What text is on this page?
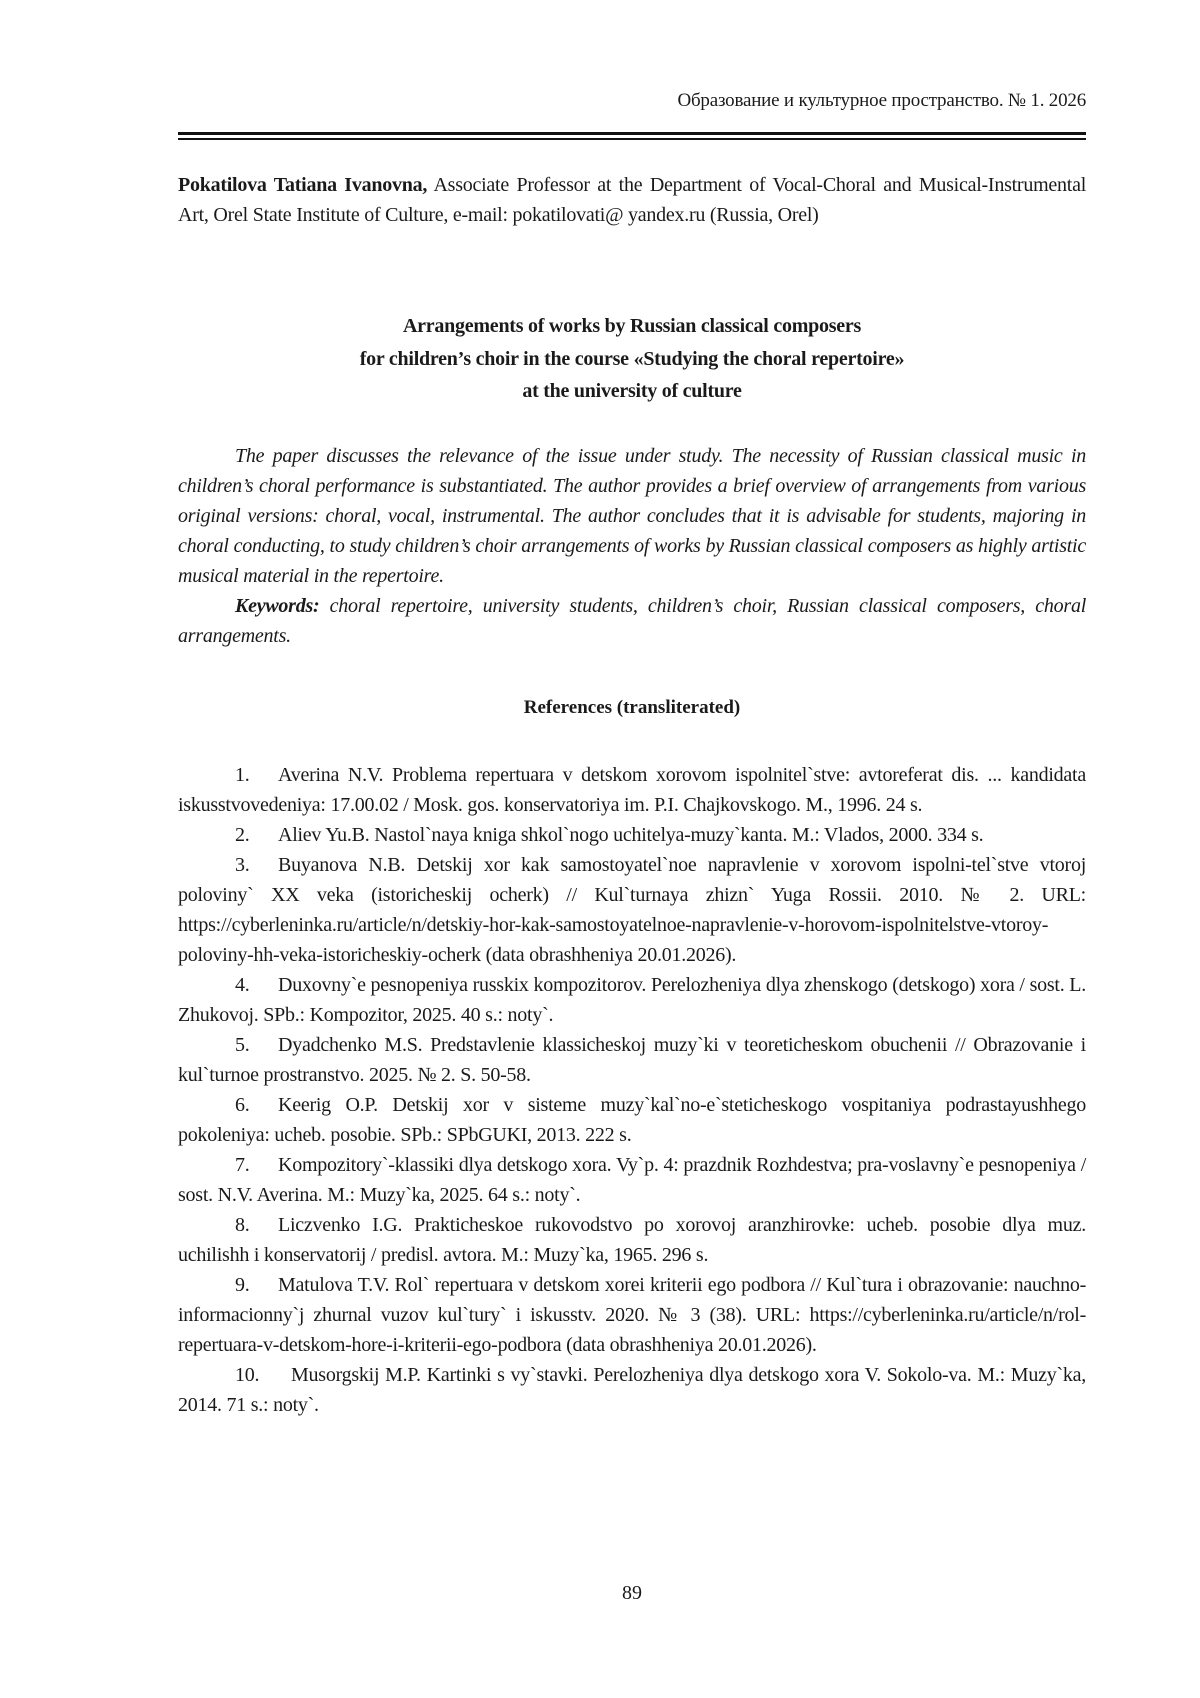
Образование и культурное пространство. № 1. 2026

Pokatilova Tatiana Ivanovna, Associate Professor at the Department of Vocal-Choral and Musical-Instrumental Art, Orel State Institute of Culture, e-mail: pokatilovati@ yandex.ru (Russia, Orel)

Arrangements of works by Russian classical composers
for children’s choir in the course «Studying the choral repertoire»
at the university of culture

The paper discusses the relevance of the issue under study. The necessity of Russian classical music in children’s choral performance is substantiated. The author provides a brief overview of arrangements from various original versions: choral, vocal, instrumental. The author concludes that it is advisable for students, majoring in choral conducting, to study children’s choir arrangements of works by Russian classical composers as highly artistic musical material in the repertoire.

Keywords: choral repertoire, university students, children’s choir, Russian classical composers, choral arrangements.

References (transliterated)

1. Averina N.V. Problema repertuara v detskom xorovom ispolnitel`stve: avtoreferat dis. ... kandidata iskusstvovedeniya: 17.00.02 / Mosk. gos. konservatoriya im. P.I. Chajkovskogo. M., 1996. 24 s.

2. Aliev Yu.B. Nastol`naya kniga shkol`nogo uchitelya-muzy`kanta. M.: Vlados, 2000. 334 s.

3. Buyanova N.B. Detskij xor kak samostoyatel`noe napravlenie v xorovom ispolni-tel`stve vtoroj poloviny` XX veka (istoricheskij ocherk) // Kul`turnaya zhizn` Yuga Rossii. 2010. № 2. URL: https://cyberleninka.ru/article/n/detskiy-hor-kak-samostoyatelnoe-napravlenie-v-horovom-ispolnitelstve-vtoroy-poloviny-hh-veka-istoricheskiy-ocherk (data obrashheniya 20.01.2026).

4. Duxovny`e pesnopeniya russkix kompozitorov. Perelozheniya dlya zhenskogo (detskogo) xora / sost. L. Zhukovoj. SPb.: Kompozitor, 2025. 40 s.: noty`.

5. Dyadchenko M.S. Predstavlenie klassicheskoj muzy`ki v teoreticheskom obuchenii // Obrazovanie i kul`turnoe prostranstvo. 2025. № 2. S. 50-58.

6. Keerig O.P. Detskij xor v sisteme muzy`kal`no-e`steticheskogo vospitaniya podrastayushhego pokoleniya: ucheb. posobie. SPb.: SPbGUKI, 2013. 222 s.

7. Kompozitory`-klassiki dlya detskogo xora. Vy`p. 4: prazdnik Rozhdestva; pra-voslavny`e pesnopeniya / sost. N.V. Averina. M.: Muzy`ka, 2025. 64 s.: noty`.

8. Liczvenko I.G. Prakticheskoe rukovodstvo po xorovoj aranzhirovke: ucheb. posobie dlya muz. uchilishh i konservatorij / predisl. avtora. M.: Muzy`ka, 1965. 296 s.

9. Matulova T.V. Rol` repertuara v detskom xorei kriterii ego podbora // Kul`tura i obrazovanie: nauchno-informacionny`j zhurnal vuzov kul`tury` i iskusstv. 2020. № 3 (38). URL: https://cyberleninka.ru/article/n/rol-repertuara-v-detskom-hore-i-kriterii-ego-podbora (data obrashheniya 20.01.2026).

10. Musorgskij M.P. Kartinki s vy`stavki. Perelozheniya dlya detskogo xora V. Sokolo-va. M.: Muzy`ka, 2014. 71 s.: noty`.

89
